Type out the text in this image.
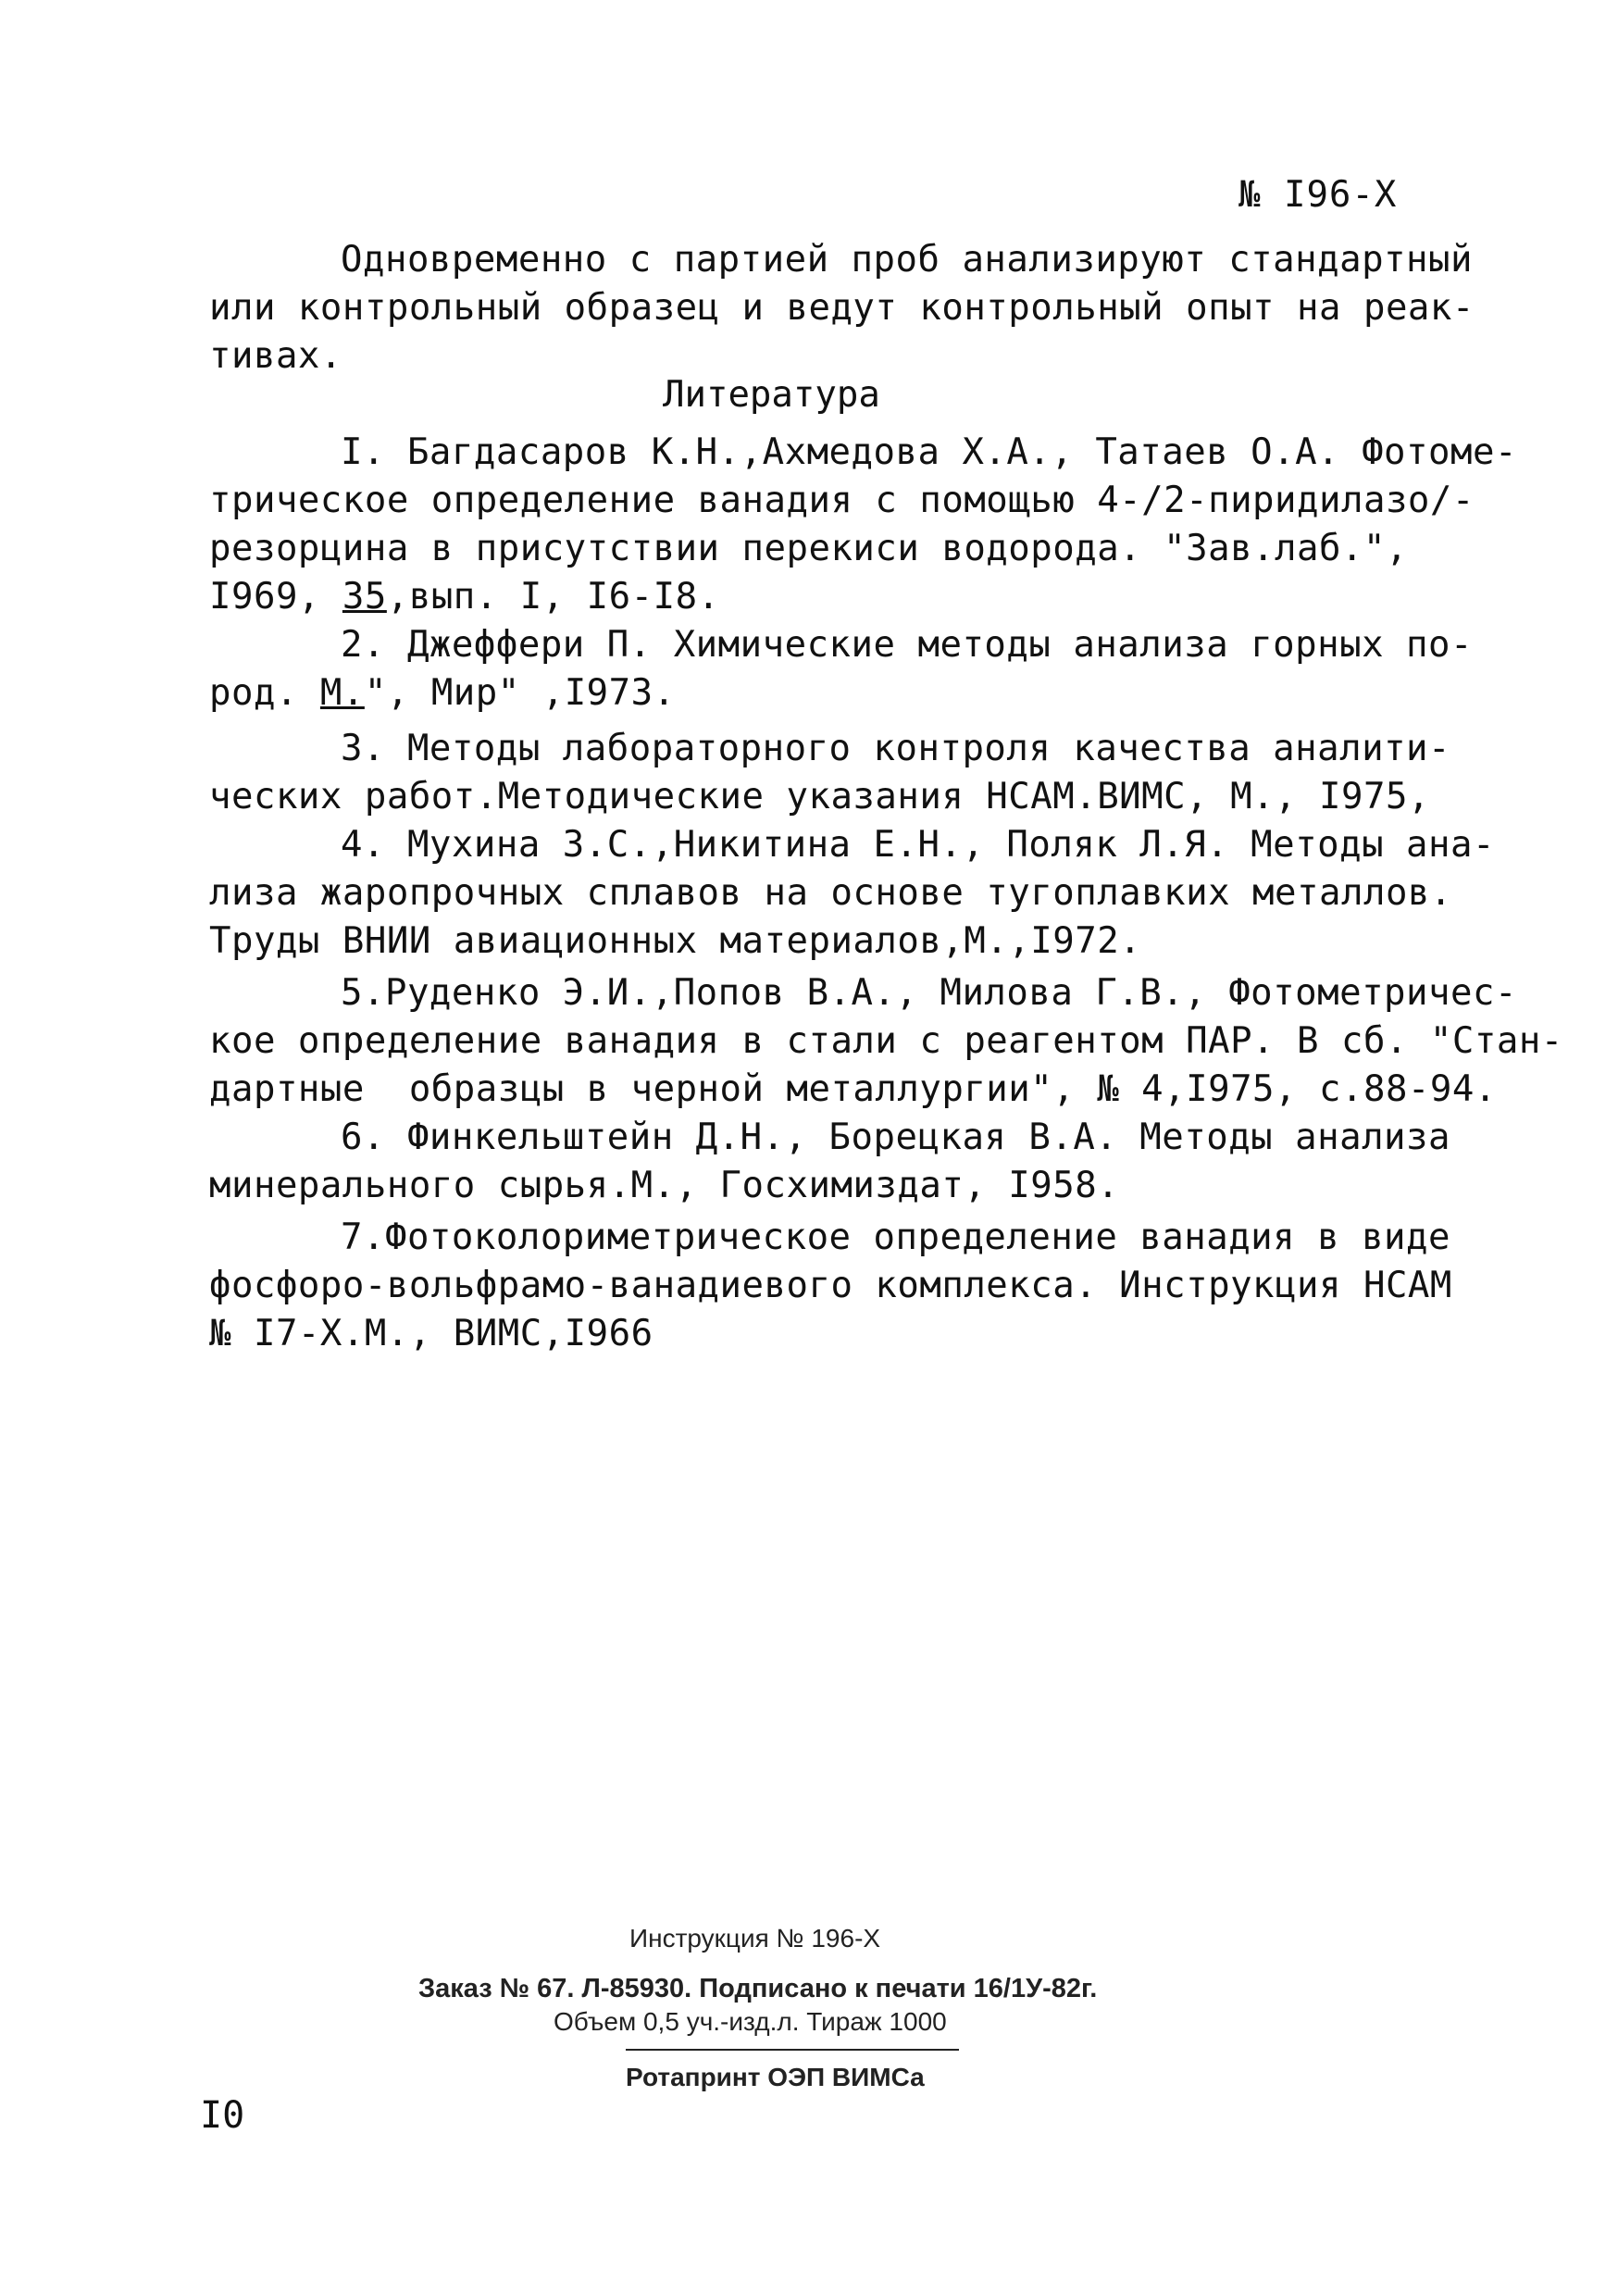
№ I96-X
Одновременно с партией проб анализируют стандартный
или контрольный образец и ведут контрольный опыт на реак-
тивах.
Литература
I. Багдасаров К.Н.,Ахмедова Х.А., Татаев О.А. Фотоме-
трическое определение ванадия с помощью 4-/2-пиридилазо/-
резорцина в присутствии перекиси водорода. "Зав.лаб.",
I969, 35,вып. I, I6-I8.
2. Джеффери П. Химические методы анализа горных по-
род. М.", Мир" ,I973.
3. Методы лабораторного контроля качества аналити-
ческих работ.Методические указания НСАМ.ВИМС, М., I975,
4. Мухина З.С.,Никитина Е.Н., Поляк Л.Я. Методы ана-
лиза жаропрочных сплавов на основе тугоплавких металлов.
Труды ВНИИ авиационных материалов,М.,I972.
5.Руденко Э.И.,Попов В.А., Милова Г.В., Фотометричес-
кое определение ванадия в стали с реагентом ПАР. В сб. "Стан-
дартные  образцы в черной металлургии", № 4,I975, с.88-94.
6. Финкельштейн Д.Н., Борецкая В.А. Методы анализа
минерального сырья.М., Госхимиздат, I958.
7.Фотоколориметрическое определение ванадия в виде
фосфоро-вольфрамо-ванадиевого комплекса. Инструкция НСАМ
№ I7-X.M., ВИМС,I966
Инструкция № 196-Х
Заказ № 67. Л-85930. Подписано к печати 16/1У-82г.
Объем 0,5 уч.-изд.л. Тираж 1000
Ротапринт ОЭП ВИМСа
I0
